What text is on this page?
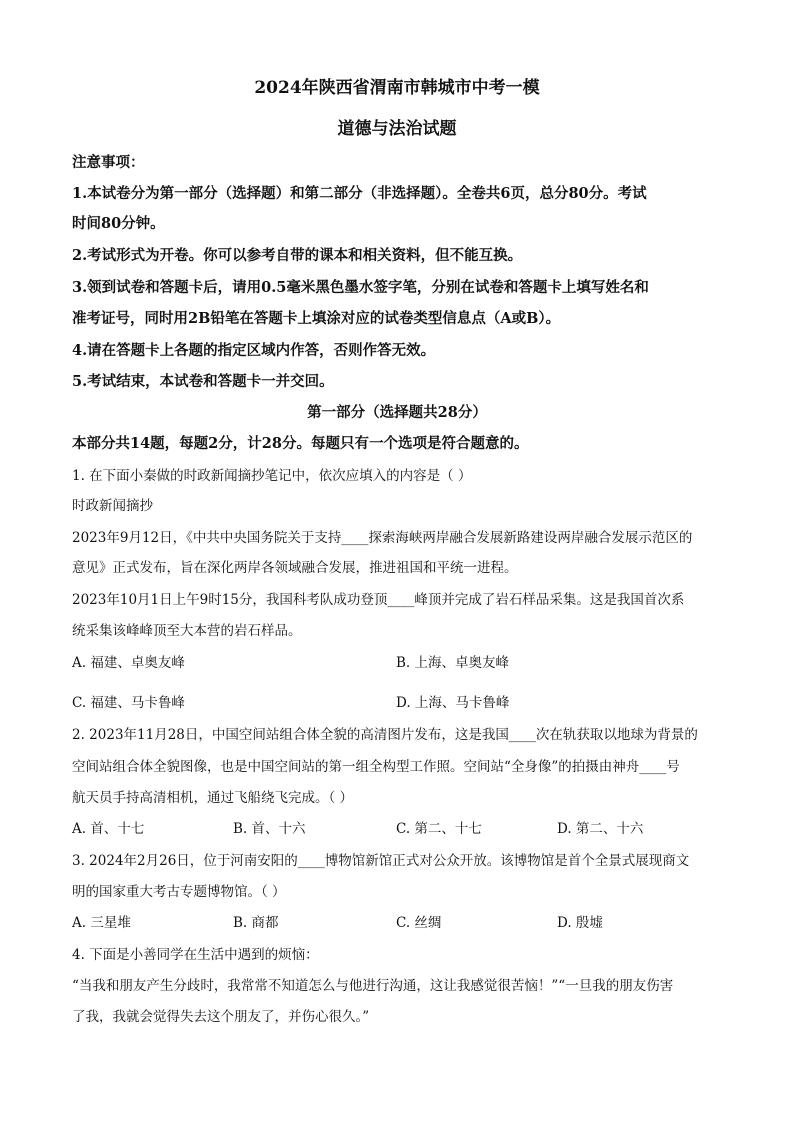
2024年陕西省渭南市韩城市中考一模
道德与法治试题
注意事项：
1.本试卷分为第一部分（选择题）和第二部分（非选择题）。全卷共6页，总分80分。考试
时间80分钟。
2.考试形式为开卷。你可以参考自带的课本和相关资料，但不能互换。
3.领到试卷和答题卡后，请用0.5毫米黑色墨水签字笔，分别在试卷和答题卡上填写姓名和
准考证号，同时用2B铅笔在答题卡上填涂对应的试卷类型信息点（A或B）。
4.请在答题卡上各题的指定区域内作答，否则作答无效。
5.考试结束，本试卷和答题卡一并交回。
第一部分（选择题共28分）
本部分共14题，每题2分，计28分。每题只有一个选项是符合题意的。
1. 在下面小秦做的时政新闻摘抄笔记中，依次应填入的内容是（ ）
时政新闻摘抄
2023年9月12日，《中共中央国务院关于支持____探索海峡两岸融合发展新路建设两岸融合发展示范区的
意见》正式发布，旨在深化两岸各领域融合发展，推进祖国和平统一进程。
2023年10月1日上午9时15分，我国科考队成功登顶____峰顶并完成了岩石样品采集。这是我国首次系
统采集该峰峰顶至大本营的岩石样品。
A. 福建、卓奥友峰	B. 上海、卓奥友峰
C. 福建、马卡鲁峰	D. 上海、马卡鲁峰
2. 2023年11月28日，中国空间站组合体全貌的高清图片发布，这是我国____次在轨获取以地球为背景的
空间站组合体全貌图像，也是中国空间站的第一组全构型工作照。空间站“全身像”的拍摄由神舟____号
航天员手持高清相机，通过飞船绕飞完成。（ ）
A. 首、十七	B. 首、十六	C. 第二、十七	D. 第二、十六
3. 2024年2月26日，位于河南安阳的____博物馆新馆正式对公众开放。该博物馆是首个全景式展现商文
明的国家重大考古专题博物馆。（ ）
A. 三星堆	B. 商都	C. 丝绸	D. 殷墟
4. 下面是小善同学在生活中遇到的烦恼：
“当我和朋友产生分歧时，我常常不知道怎么与他进行沟通，这让我感觉很苦恼！”“一旦我的朋友伤害
了我，我就会觉得失去这个朋友了，并伤心很久。”
